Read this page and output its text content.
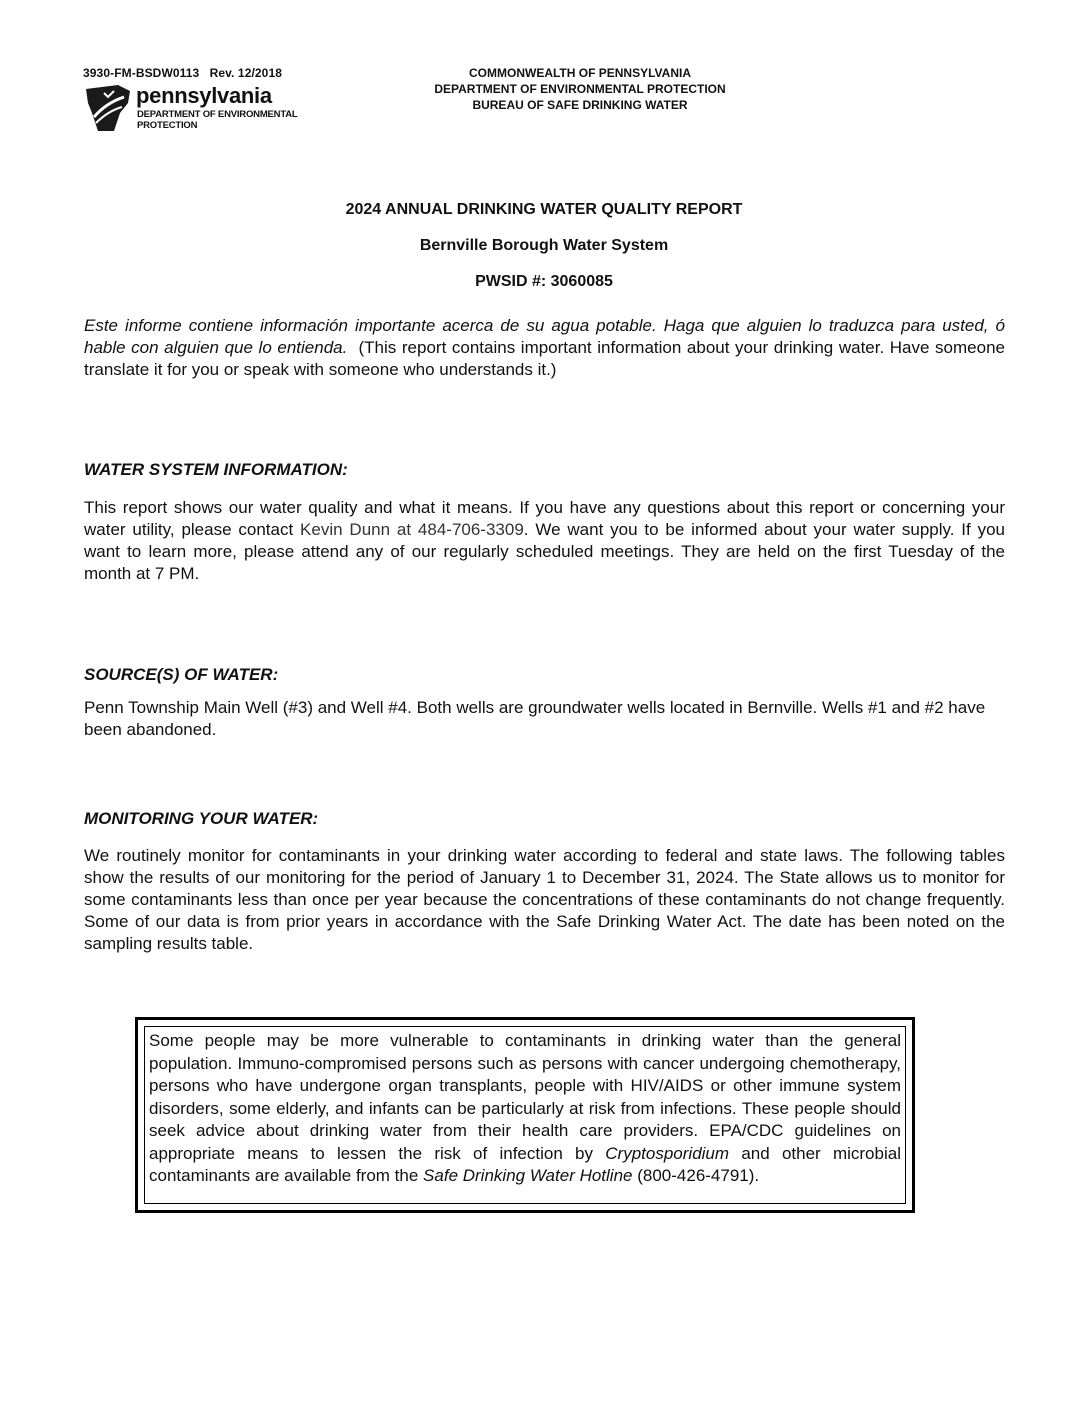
3930-FM-BSDW0113 Rev. 12/2018
pennsylvania
DEPARTMENT OF ENVIRONMENTAL
PROTECTION
COMMONWEALTH OF PENNSYLVANIA
DEPARTMENT OF ENVIRONMENTAL PROTECTION
BUREAU OF SAFE DRINKING WATER
2024 ANNUAL DRINKING WATER QUALITY REPORT
Bernville Borough Water System
PWSID #: 3060085
Este informe contiene información importante acerca de su agua potable. Haga que alguien lo traduzca para usted, ó hable con alguien que lo entienda. (This report contains important information about your drinking water. Have someone translate it for you or speak with someone who understands it.)
WATER SYSTEM INFORMATION:
This report shows our water quality and what it means. If you have any questions about this report or concerning your water utility, please contact Kevin Dunn at 484-706-3309. We want you to be informed about your water supply. If you want to learn more, please attend any of our regularly scheduled meetings. They are held on the first Tuesday of the month at 7 PM.
SOURCE(S) OF WATER:
Penn Township Main Well (#3) and Well #4. Both wells are groundwater wells located in Bernville. Wells #1 and #2 have been abandoned.
MONITORING YOUR WATER:
We routinely monitor for contaminants in your drinking water according to federal and state laws. The following tables show the results of our monitoring for the period of January 1 to December 31, 2024. The State allows us to monitor for some contaminants less than once per year because the concentrations of these contaminants do not change frequently. Some of our data is from prior years in accordance with the Safe Drinking Water Act. The date has been noted on the sampling results table.
Some people may be more vulnerable to contaminants in drinking water than the general population. Immuno-compromised persons such as persons with cancer undergoing chemotherapy, persons who have undergone organ transplants, people with HIV/AIDS or other immune system disorders, some elderly, and infants can be particularly at risk from infections. These people should seek advice about drinking water from their health care providers. EPA/CDC guidelines on appropriate means to lessen the risk of infection by Cryptosporidium and other microbial contaminants are available from the Safe Drinking Water Hotline (800-426-4791).
